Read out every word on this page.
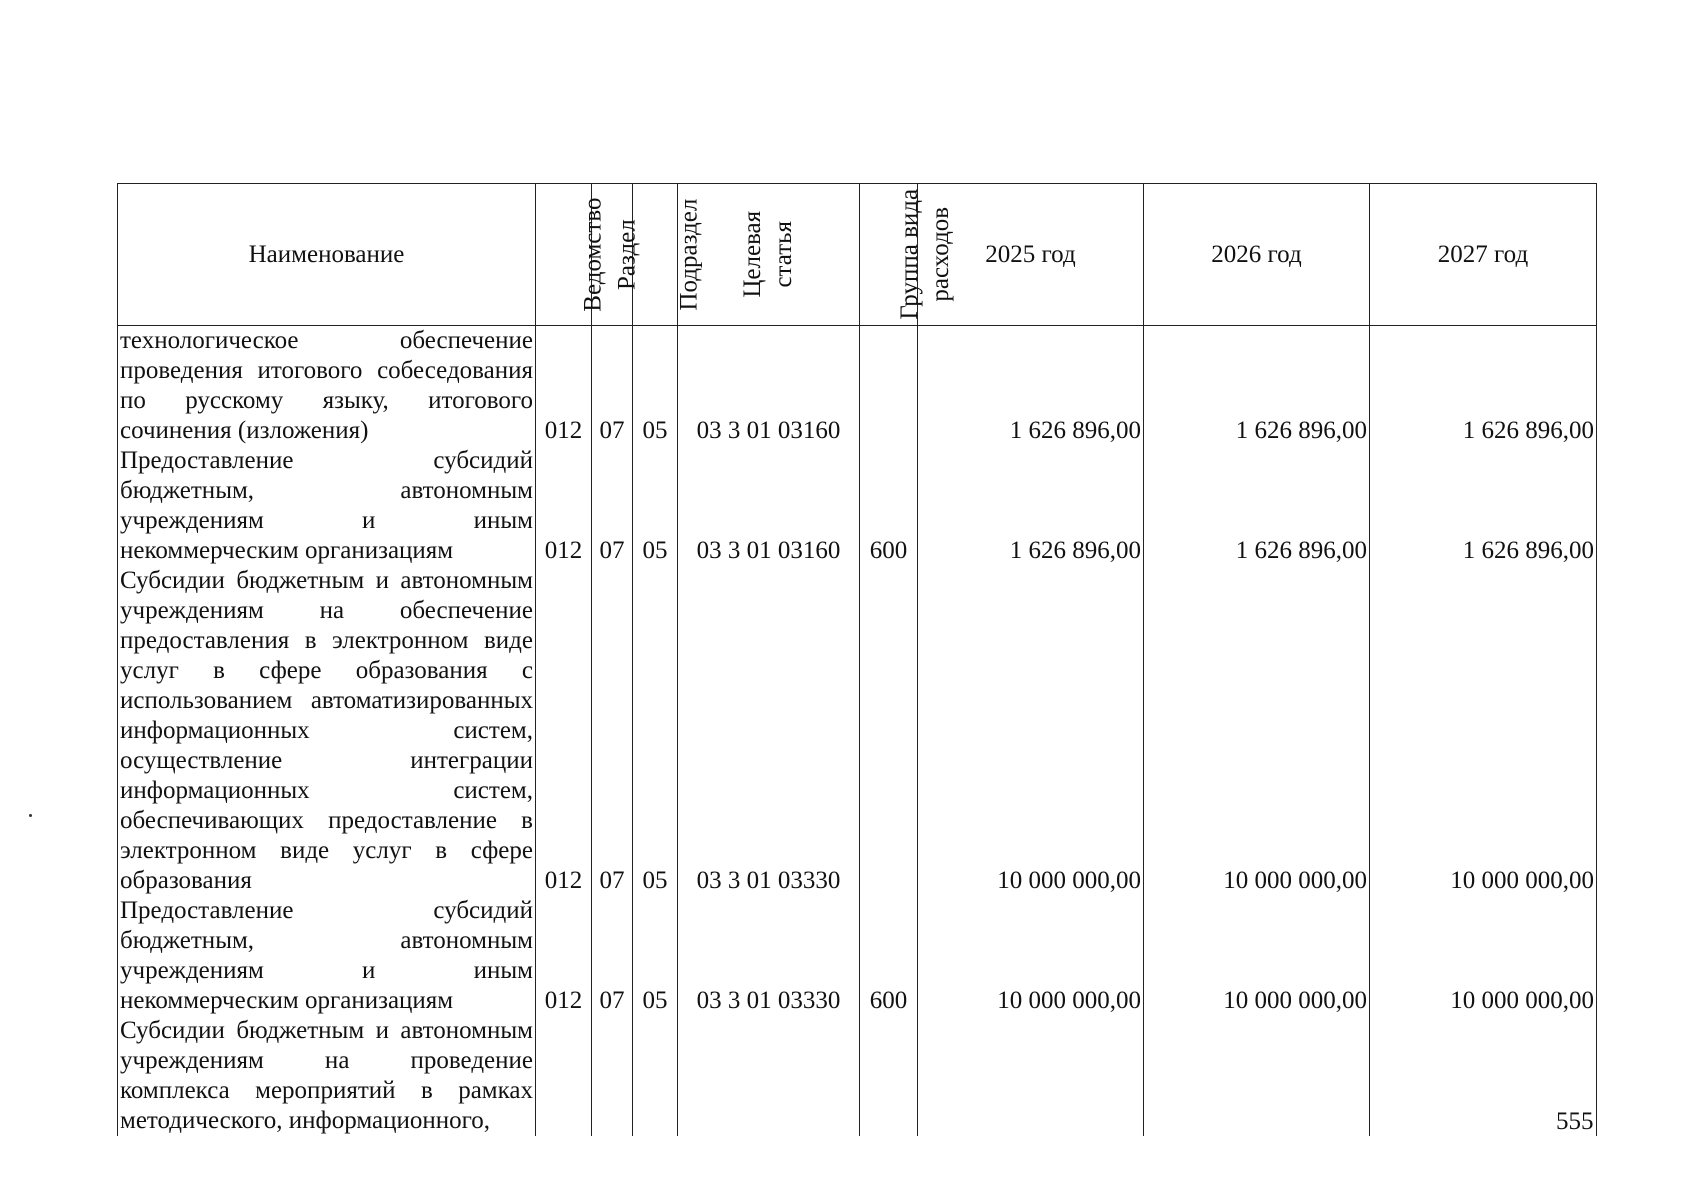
Наименование	Ведомство	Раздел	Подраздел	Целевая статья	Группа вида расходов	2025 год	2026 год	2027 год
технологическое обеспечение проведения итогового собеседования по русскому языку, итогового сочинения (изложения)	012	07	05	03 3 01 03160		1 626 896,00	1 626 896,00	1 626 896,00
Предоставление субсидий бюджетным, автономным учреждениям и иным некоммерческим организациям	012	07	05	03 3 01 03160	600	1 626 896,00	1 626 896,00	1 626 896,00
Субсидии бюджетным и автономным учреждениям на обеспечение предоставления в электронном виде услуг в сфере образования с использованием автоматизированных информационных систем, осуществление интеграции информационных систем, обеспечивающих предоставление в электронном виде услуг в сфере образования	012	07	05	03 3 01 03330		10 000 000,00	10 000 000,00	10 000 000,00
Предоставление субсидий бюджетным, автономным учреждениям и иным некоммерческим организациям	012	07	05	03 3 01 03330	600	10 000 000,00	10 000 000,00	10 000 000,00
Субсидии бюджетным и автономным учреждениям на проведение комплекса мероприятий в рамках методического, информационного,									555
